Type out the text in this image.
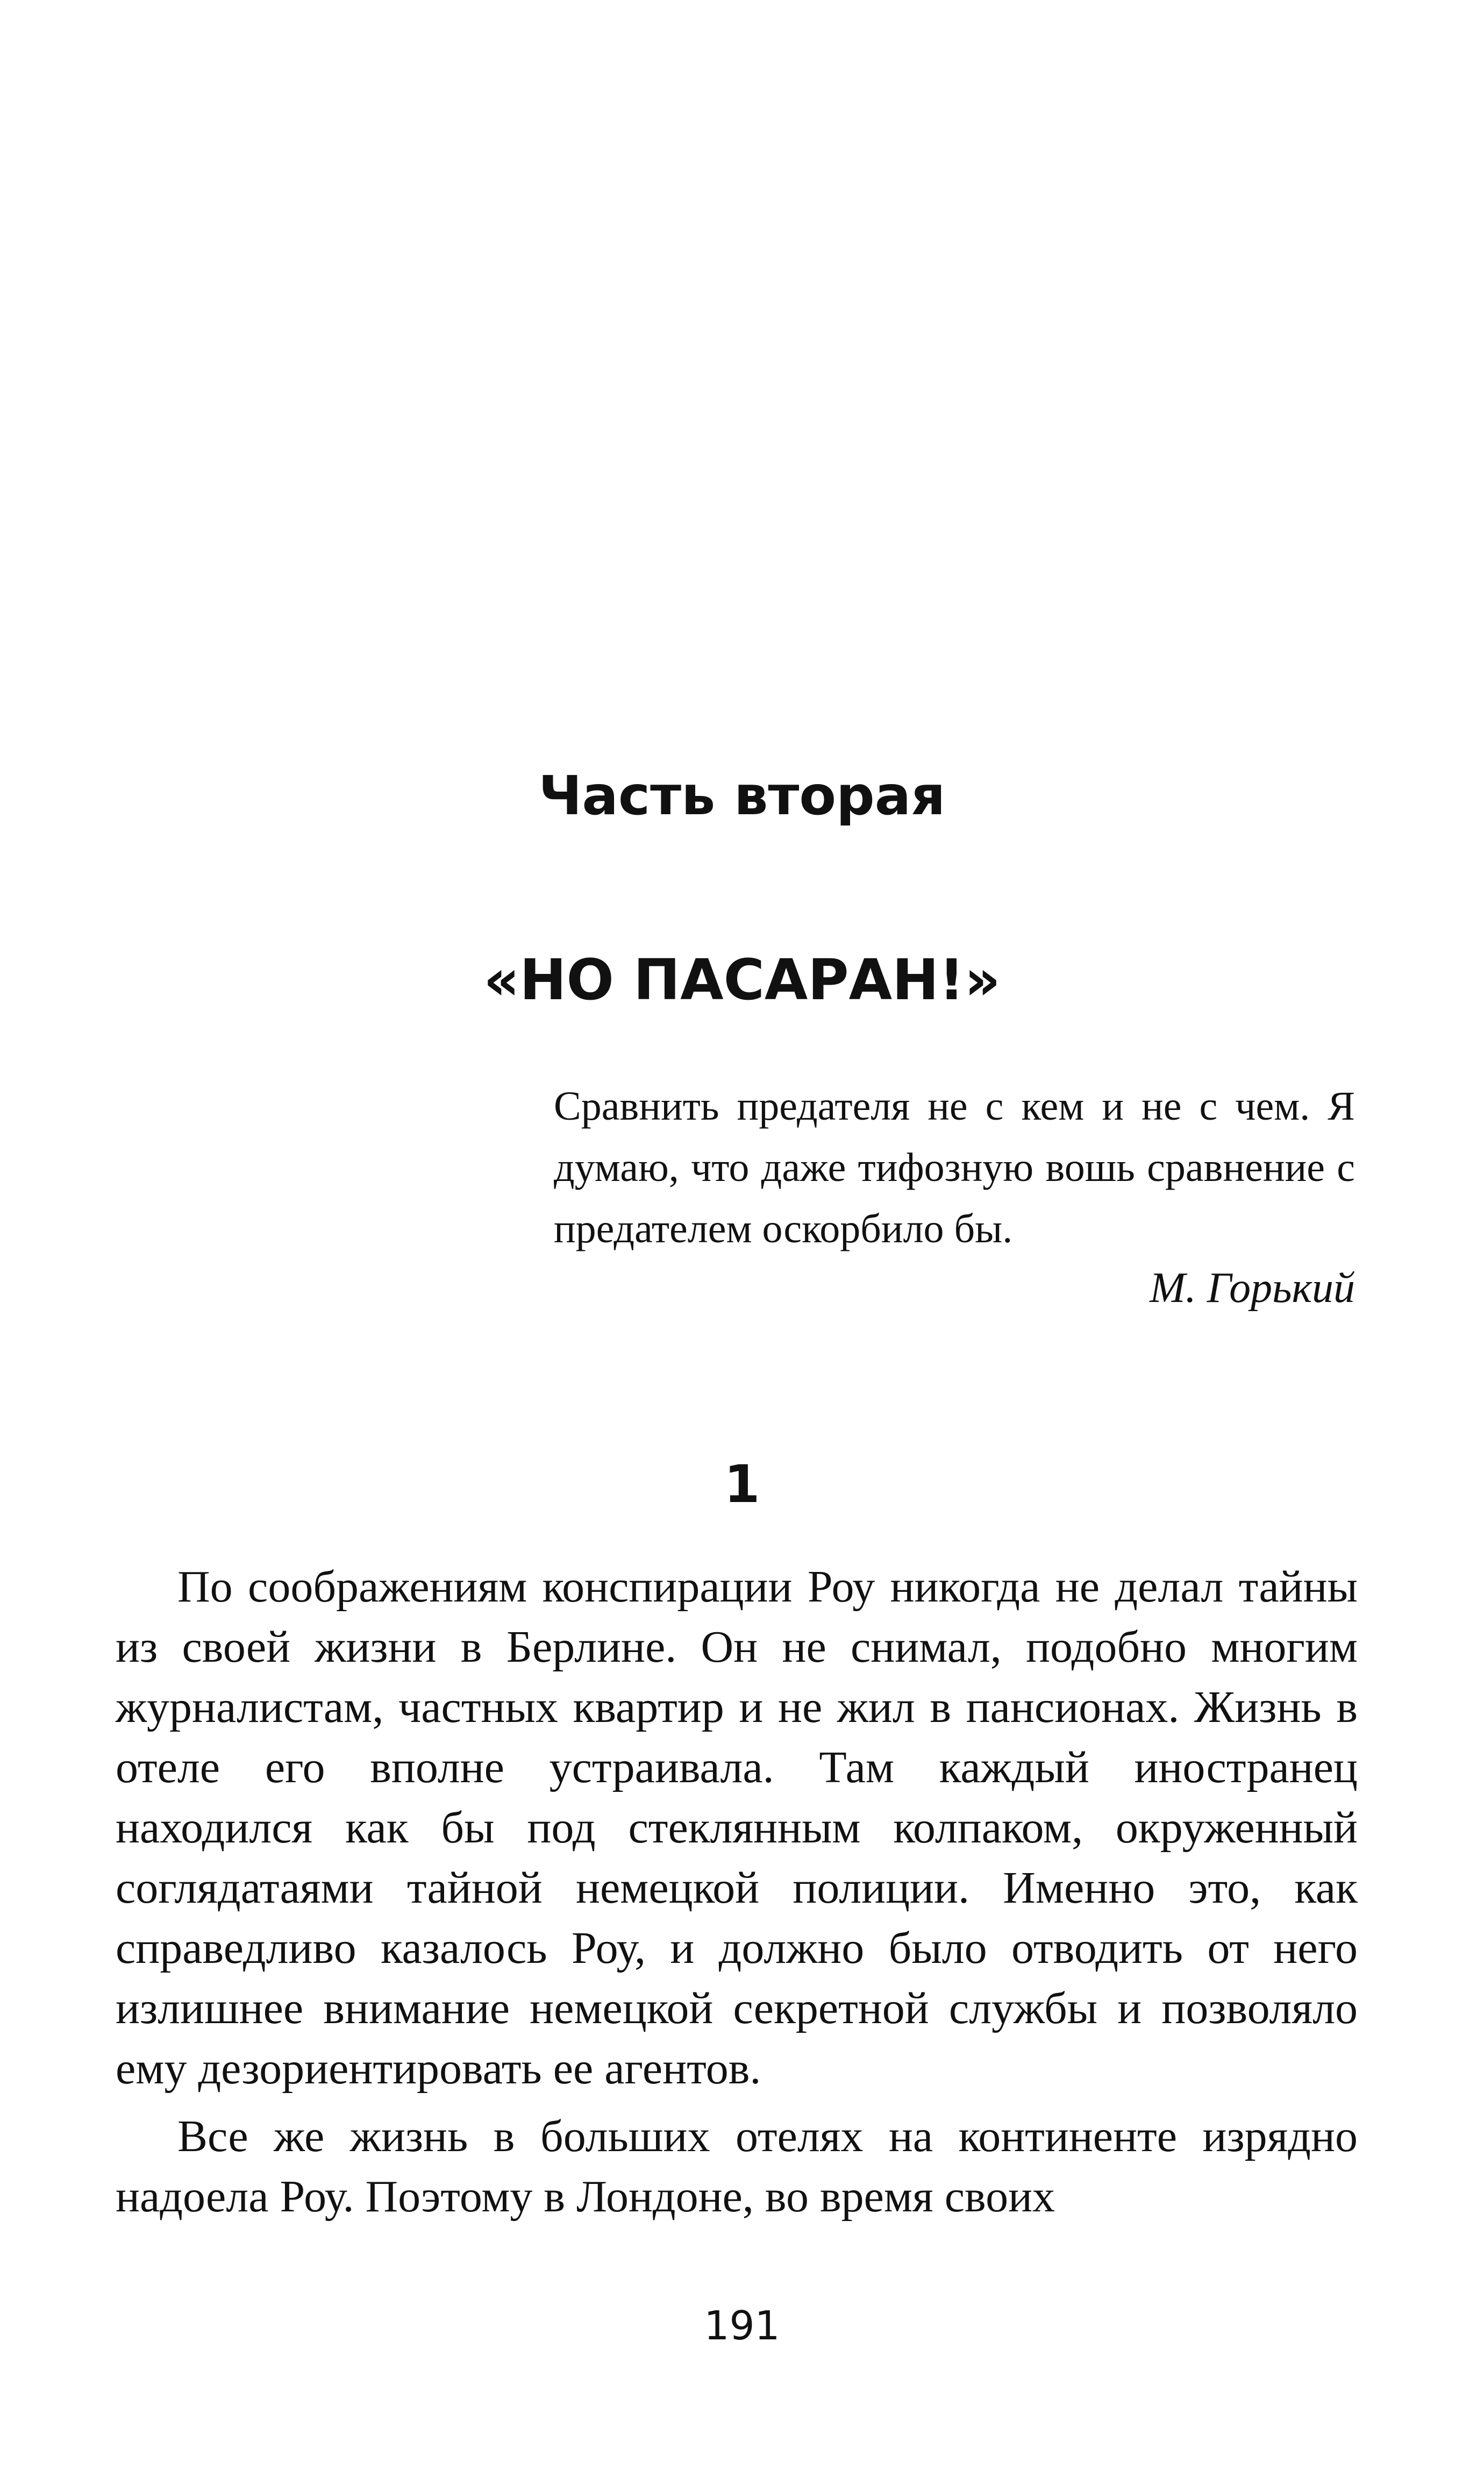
Часть вторая
«НО ПАСАРАН!»
Сравнить предателя не с кем и не с чем. Я думаю, что даже тифозную вошь сравнение с предателем оскорбило бы.
М. Горький
1

По соображениям конспирации Роу никогда не делал тайны из своей жизни в Берлине. Он не снимал, подобно многим журналистам, частных квартир и не жил в пансионах. Жизнь в отеле его вполне устраивала. Там каждый иностранец находился как бы под стеклянным колпаком, окруженный соглядатаями тайной немецкой полиции. Именно это, как справедливо казалось Роу, и должно было отводить от него излишнее внимание немецкой секретной службы и позволяло ему дезориентировать ее агентов.

Все же жизнь в больших отелях на континенте изрядно надоела Роу. Поэтому в Лондоне, во время своих

191
